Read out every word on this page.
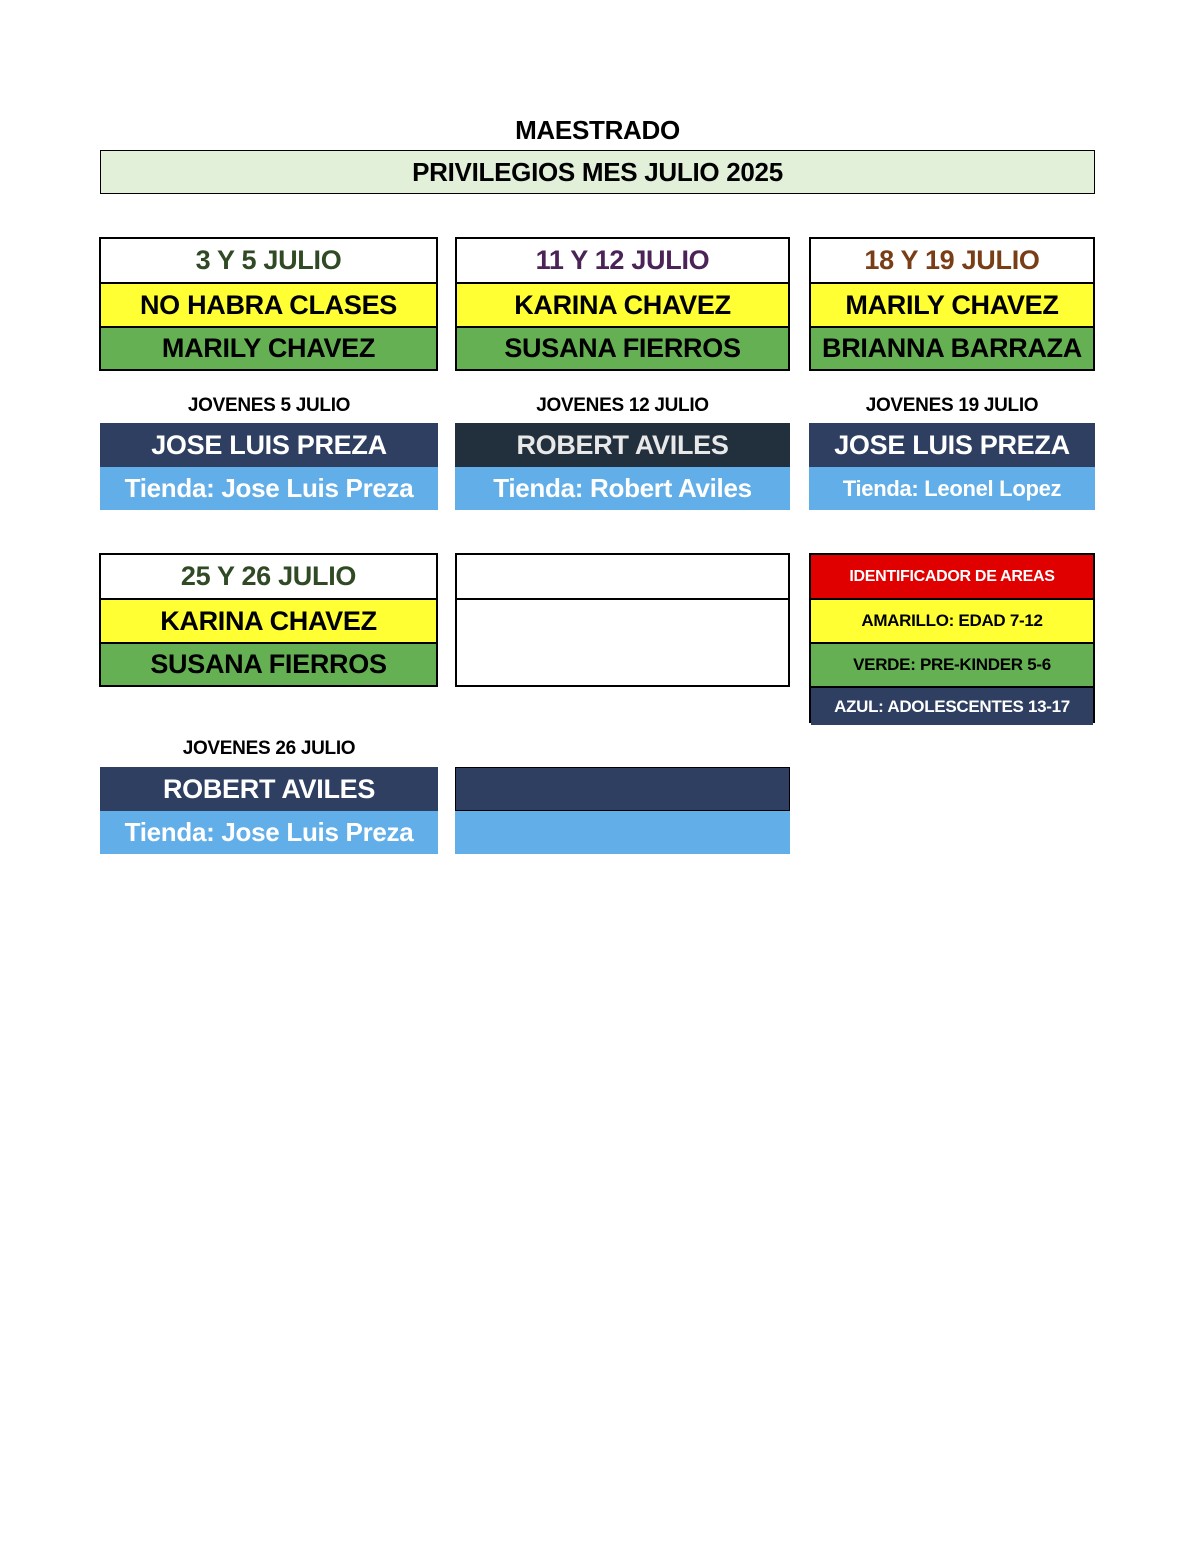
MAESTRADO
PRIVILEGIOS MES JULIO 2025
3 Y 5 JULIO
NO HABRA CLASES
MARILY CHAVEZ
11 Y 12 JULIO
KARINA CHAVEZ
SUSANA FIERROS
18 Y 19 JULIO
MARILY CHAVEZ
BRIANNA BARRAZA
JOVENES 5 JULIO	JOVENES 12 JULIO	JOVENES 19 JULIO
JOSE LUIS PREZA	ROBERT AVILES	JOSE LUIS PREZA
Tienda: Jose Luis Preza	Tienda: Robert Aviles	Tienda: Leonel Lopez
25 Y 26 JULIO
KARINA CHAVEZ
SUSANA FIERROS
IDENTIFICADOR DE AREAS
AMARILLO: EDAD 7-12
VERDE: PRE-KINDER 5-6
AZUL: ADOLESCENTES 13-17
JOVENES 26 JULIO
ROBERT AVILES
Tienda: Jose Luis Preza
